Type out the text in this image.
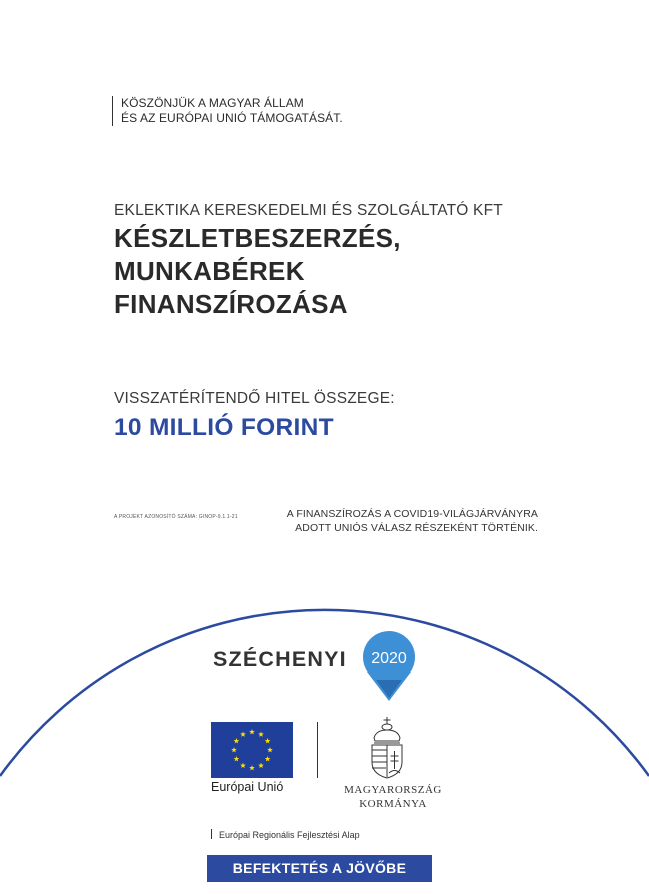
KÖSZÖNJÜK A MAGYAR ÁLLAM
ÉS AZ EURÓPAI UNIÓ TÁMOGATÁSÁT.
EKLEKTIKA KERESKEDELMI ÉS SZOLGÁLTATÓ KFT
KÉSZLETBESZERZÉS,
MUNKABÉREK
FINANSZÍROZÁSA
VISSZATÉRÍTENDŐ HITEL ÖSSZEGE:
10 MILLIÓ FORINT
A PROJEKT AZONOSÍTÓ SZÁMA: GINOP-9.1.1-21	A FINANSZÍROZÁS A COVID19-VILÁGJÁRVÁNYRA
ADOTT UNIÓS VÁLASZ RÉSZEKÉNT TÖRTÉNIK.
SZÉCHENYI 2020
Európai Unió	MAGYARORSZÁG
KORMÁNYA
Európai Regionális Fejlesztési Alap
BEFEKTETÉS A JÖVŐBE
